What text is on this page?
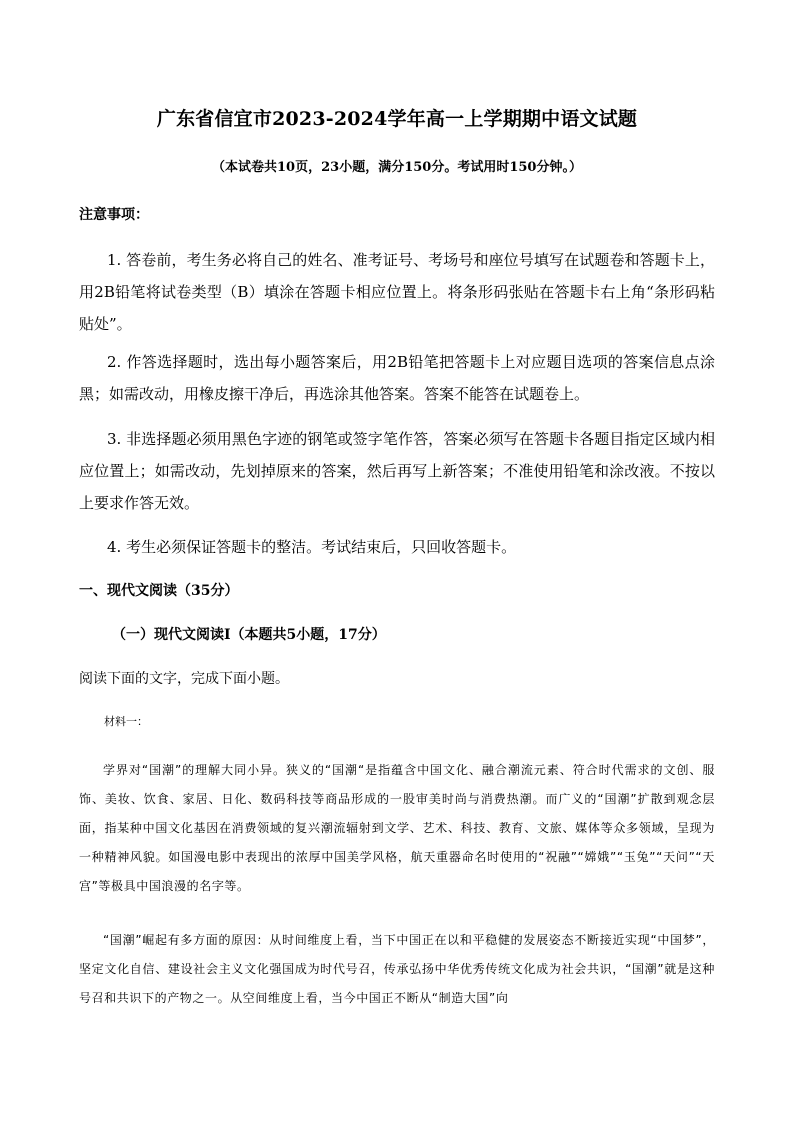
广东省信宜市2023-2024学年高一上学期期中语文试题
（本试卷共10页，23小题，满分150分。考试用时150分钟。）
注意事项：
1. 答卷前，考生务必将自己的姓名、准考证号、考场号和座位号填写在试题卷和答题卡上，用2B铅笔将试卷类型（B）填涂在答题卡相应位置上。将条形码张贴在答题卡右上角“条形码粘贴处”。
2. 作答选择题时，选出每小题答案后，用2B铅笔把答题卡上对应题目选项的答案信息点涂黑；如需改动，用橡皮擦干净后，再选涂其他答案。答案不能答在试题卷上。
3. 非选择题必须用黑色字迹的钢笔或签字笔作答，答案必须写在答题卡各题目指定区域内相应位置上；如需改动，先划掉原来的答案，然后再写上新答案；不准使用铅笔和涂改液。不按以上要求作答无效。
4. 考生必须保证答题卡的整洁。考试结束后，只回收答题卡。
一、现代文阅读（35分）
（一）现代文阅读Ⅰ（本题共5小题，17分）
阅读下面的文字，完成下面小题。
材料一：
学界对“国潮”的理解大同小异。狭义的“国潮“是指蕴含中国文化、融合潮流元素、符合时代需求的文创、服饰、美妆、饮食、家居、日化、数码科技等商品形成的一股审美时尚与消费热潮。而广义的“国潮”扩散到观念层面，指某种中国文化基因在消费领域的复兴潮流辐射到文学、艺术、科技、教育、文旅、媒体等众多领域，呈现为一种精神风貌。如国漫电影中表现出的浓厚中国美学风格，航天重器命名时使用的“祝融”“嫦娥”“玉兔”“天问”“天宫”等极具中国浪漫的名字等。
“国潮”崛起有多方面的原因：从时间维度上看，当下中国正在以和平稳健的发展姿态不断接近实现“中国梦”，坚定文化自信、建设社会主义文化强国成为时代号召，传承弘扬中华优秀传统文化成为社会共识，“国潮”就是这种号召和共识下的产物之一。从空间维度上看，当今中国正不断从“制造大国”向
